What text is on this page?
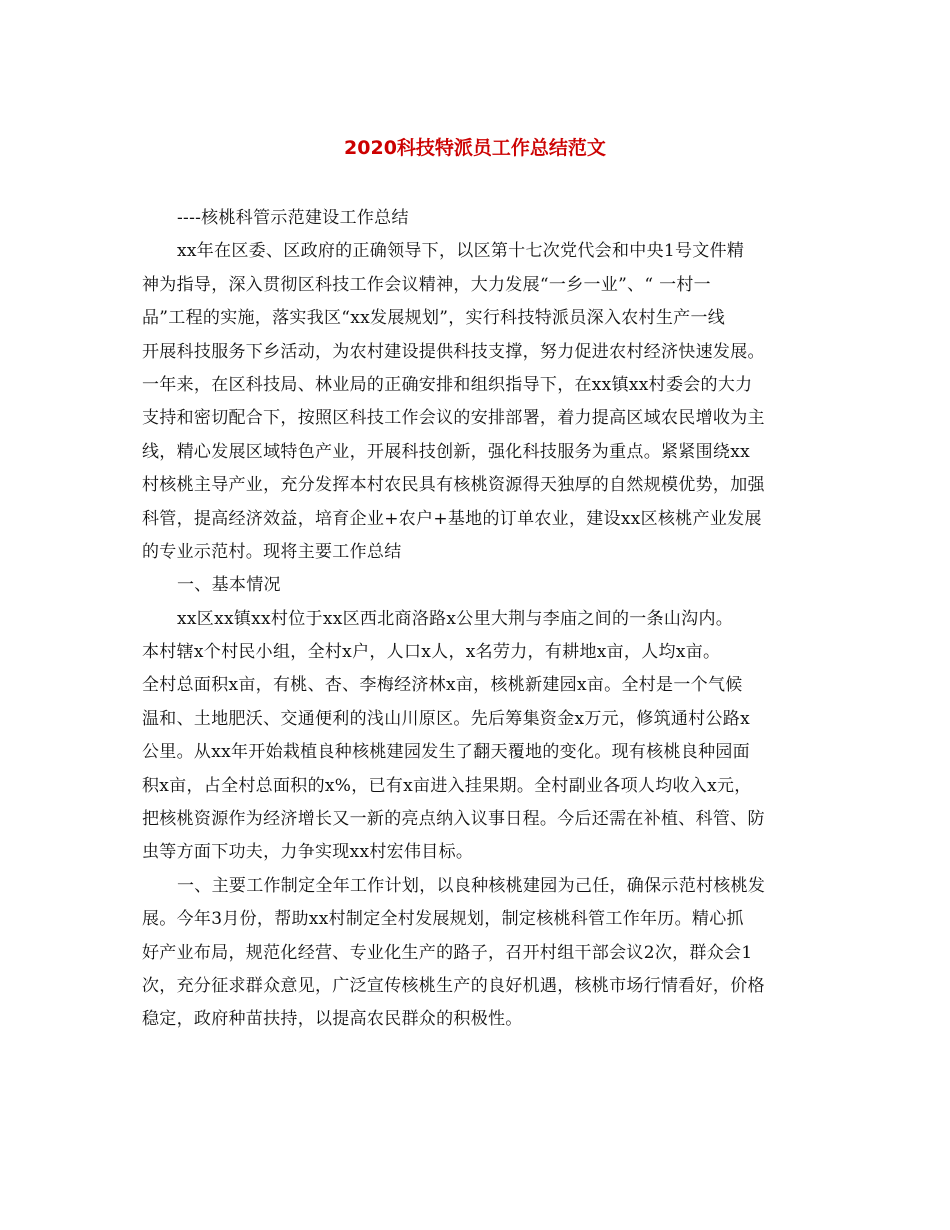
2020科技特派员工作总结范文
----核桃科管示范建设工作总结
xx年在区委、区政府的正确领导下，以区第十七次党代会和中央1号文件精
神为指导，深入贯彻区科技工作会议精神，大力发展“一乡一业”、“ 一村一
品”工程的实施，落实我区“xx发展规划”，实行科技特派员深入农村生产一线
开展科技服务下乡活动，为农村建设提供科技支撑，努力促进农村经济快速发展。
一年来，在区科技局、林业局的正确安排和组织指导下，在xx镇xx村委会的大力
支持和密切配合下，按照区科技工作会议的安排部署，着力提高区域农民增收为主
线，精心发展区域特色产业，开展科技创新，强化科技服务为重点。紧紧围绕xx
村核桃主导产业，充分发挥本村农民具有核桃资源得天独厚的自然规模优势，加强
科管，提高经济效益，培育企业+农户+基地的订单农业，建设xx区核桃产业发展
的专业示范村。现将主要工作总结
一、基本情况
xx区xx镇xx村位于xx区西北商洛路x公里大荆与李庙之间的一条山沟内。
本村辖x个村民小组，全村x户，人口x人，x名劳力，有耕地x亩，人均x亩。
全村总面积x亩，有桃、杏、李梅经济林x亩，核桃新建园x亩。全村是一个气候
温和、土地肥沃、交通便利的浅山川原区。先后筹集资金x万元，修筑通村公路x
公里。从xx年开始栽植良种核桃建园发生了翻天覆地的变化。现有核桃良种园面
积x亩，占全村总面积的x%，已有x亩进入挂果期。全村副业各项人均收入x元，
把核桃资源作为经济增长又一新的亮点纳入议事日程。今后还需在补植、科管、防
虫等方面下功夫，力争实现xx村宏伟目标。
一、主要工作制定全年工作计划，以良种核桃建园为己任，确保示范村核桃发
展。今年3月份，帮助xx村制定全村发展规划，制定核桃科管工作年历。精心抓
好产业布局，规范化经营、专业化生产的路子，召开村组干部会议2次，群众会1
次，充分征求群众意见，广泛宣传核桃生产的良好机遇，核桃市场行情看好，价格
稳定，政府种苗扶持，以提高农民群众的积极性。
